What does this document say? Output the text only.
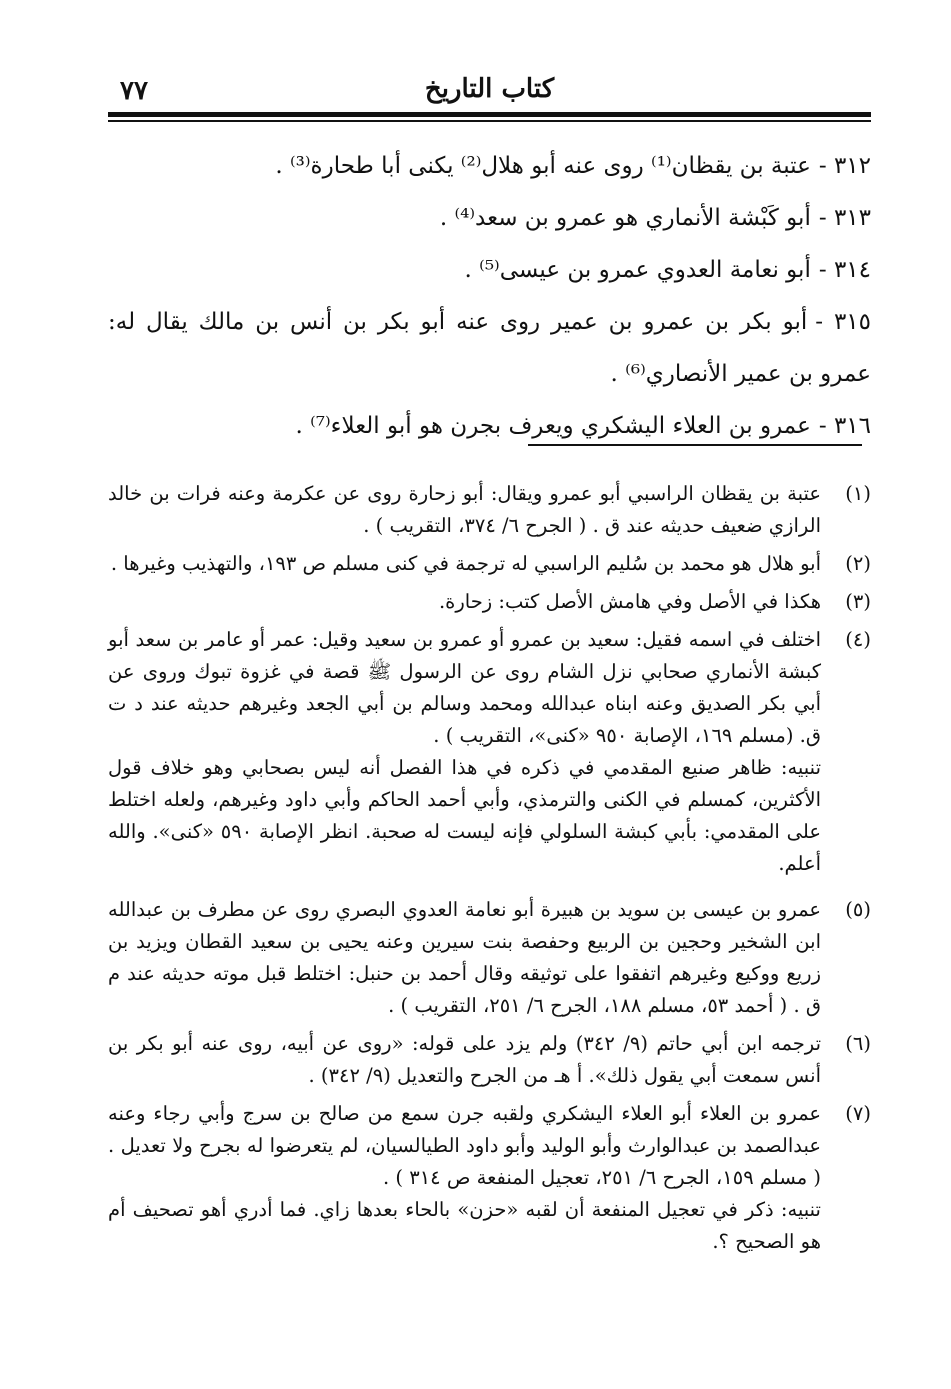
٧٧	كتاب التاريخ
٣١٢ -عتبة بن يقظان⁽¹⁾ روى عنه أبو هلال⁽²⁾ يكنى أبا طحارة⁽³⁾ .
٣١٣ -أبو كَبْشة الأنماري هو عمرو بن سعد⁽⁴⁾ .
٣١٤ -أبو نعامة العدوي عمرو بن عيسى⁽⁵⁾ .
٣١٥ -أبو بكر بن عمرو بن عمير روى عنه أبو بكر بن أنس بن مالك يقال له: عمرو بن عمير الأنصاري⁽⁶⁾ .
٣١٦ -عمرو بن العلاء اليشكري ويعرف بجرن هو أبو العلاء⁽⁷⁾ .
(١)
عتبة بن يقظان الراسبي أبو عمرو ويقال: أبو زحارة روى عن عكرمة وعنه فرات بن خالد الرازي ضعيف حديثه عند ق . ( الجرح ٦/ ٣٧٤، التقريب ) .
(٢)
أبو هلال هو محمد بن سُليم الراسبي له ترجمة في كنى مسلم ص ١٩٣، والتهذيب وغيرها .
(٣)
هكذا في الأصل وفي هامش الأصل كتب: زحارة.
(٤)
اختلف في اسمه فقيل: سعيد بن عمرو أو عمرو بن سعيد وقيل: عمر أو عامر بن سعد أبو كبشة الأنماري صحابي نزل الشام روى عن الرسول ﷺ قصة في غزوة تبوك وروى عن أبي بكر الصديق وعنه ابناه عبدالله ومحمد وسالم بن أبي الجعد وغيرهم حديثه عند د ت ق. (مسلم ١٦٩، الإصابة ٩٥٠ «كنى»، التقريب ) .
تنبيه: ظاهر صنيع المقدمي في ذكره في هذا الفصل أنه ليس بصحابي وهو خلاف قول الأكثرين، كمسلم في الكنى والترمذي، وأبي أحمد الحاكم وأبي داود وغيرهم، ولعله اختلط على المقدمي: بأبي كبشة السلولي فإنه ليست له صحبة. انظر الإصابة ٥٩٠ «كنى». والله أعلم.
(٥)
عمرو بن عيسى بن سويد بن هبيرة أبو نعامة العدوي البصري روى عن مطرف بن عبدالله ابن الشخير وحجين بن الربيع وحفصة بنت سيرين وعنه يحيى بن سعيد القطان ويزيد بن زريع ووكيع وغيرهم اتفقوا على توثيقه وقال أحمد بن حنبل: اختلط قبل موته حديثه عند م ق . ( أحمد ٥٣، مسلم ١٨٨، الجرح ٦/ ٢٥١، التقريب ) .
(٦)
ترجمه ابن أبي حاتم (٩/ ٣٤٢) ولم يزد على قوله: «روى عن أبيه، روى عنه أبو بكر بن أنس سمعت أبي يقول ذلك». أ هـ من الجرح والتعديل (٩/ ٣٤٢) .
(٧)
عمرو بن العلاء أبو العلاء اليشكري ولقبه جرن سمع من صالح بن سرج وأبي رجاء وعنه عبدالصمد بن عبدالوارث وأبو الوليد وأبو داود الطيالسيان، لم يتعرضوا له بجرح ولا تعديل . ( مسلم ١٥٩، الجرح ٦/ ٢٥١، تعجيل المنفعة ص ٣١٤ ) .
تنبيه: ذكر في تعجيل المنفعة أن لقبه «حزن» بالحاء بعدها زاي. فما أدري أهو تصحيف أم هو الصحيح ؟.
